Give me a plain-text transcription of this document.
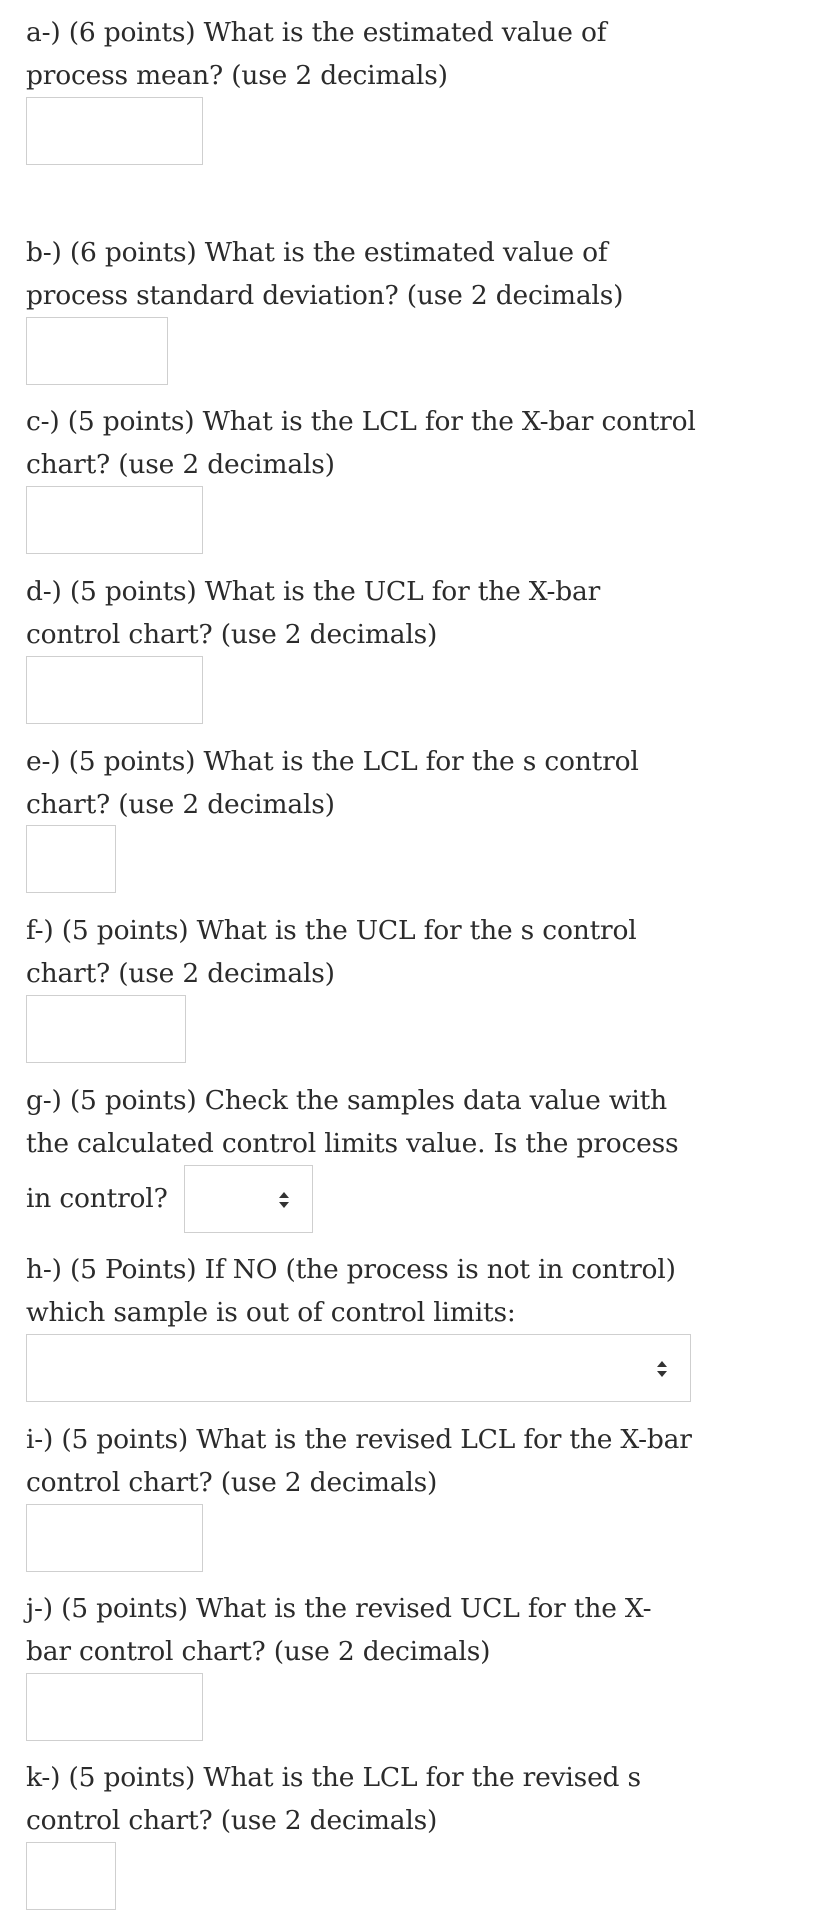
a-) (6 points) What is the estimated value of
process mean? (use 2 decimals)

b-) (6 points) What is the estimated value of
process standard deviation? (use 2 decimals)

c-) (5 points) What is the LCL for the X-bar control
chart? (use 2 decimals)

d-) (5 points) What is the UCL for the X-bar
control chart? (use 2 decimals)

e-) (5 points) What is the LCL for the s control
chart? (use 2 decimals)

f-) (5 points) What is the UCL for the s control
chart? (use 2 decimals)

g-) (5 points) Check the samples data value with
the calculated control limits value. Is the process

in control?

h-) (5 Points) If NO (the process is not in control)
which sample is out of control limits:

i-) (5 points) What is the revised LCL for the X-bar
control chart? (use 2 decimals)

j-) (5 points) What is the revised UCL for the X-
bar control chart? (use 2 decimals)

k-) (5 points) What is the LCL for the revised s
control chart? (use 2 decimals)
